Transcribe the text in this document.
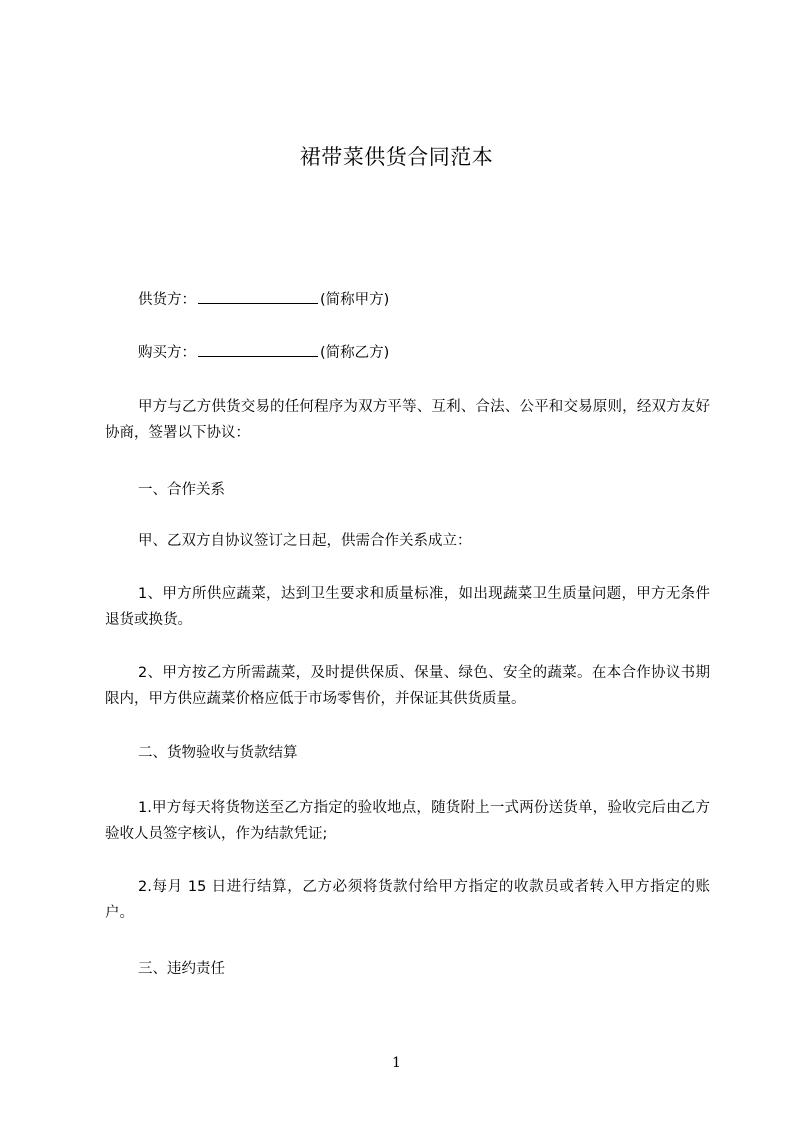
裙带菜供货合同范本
供货方：	(简称甲方)
购买方：	(简称乙方)
甲方与乙方供货交易的任何程序为双方平等、互利、合法、公平和交易原则，经双方友好协商，签署以下协议：
一、合作关系
甲、乙双方自协议签订之日起，供需合作关系成立：
1、甲方所供应蔬菜，达到卫生要求和质量标准，如出现蔬菜卫生质量问题，甲方无条件退货或换货。
2、甲方按乙方所需蔬菜，及时提供保质、保量、绿色、安全的蔬菜。在本合作协议书期限内，甲方供应蔬菜价格应低于市场零售价，并保证其供货质量。
二、货物验收与货款结算
1.甲方每天将货物送至乙方指定的验收地点，随货附上一式两份送货单，验收完后由乙方验收人员签字核认，作为结款凭证;
2.每月 15 日进行结算，乙方必须将货款付给甲方指定的收款员或者转入甲方指定的账户。
三、违约责任
1
